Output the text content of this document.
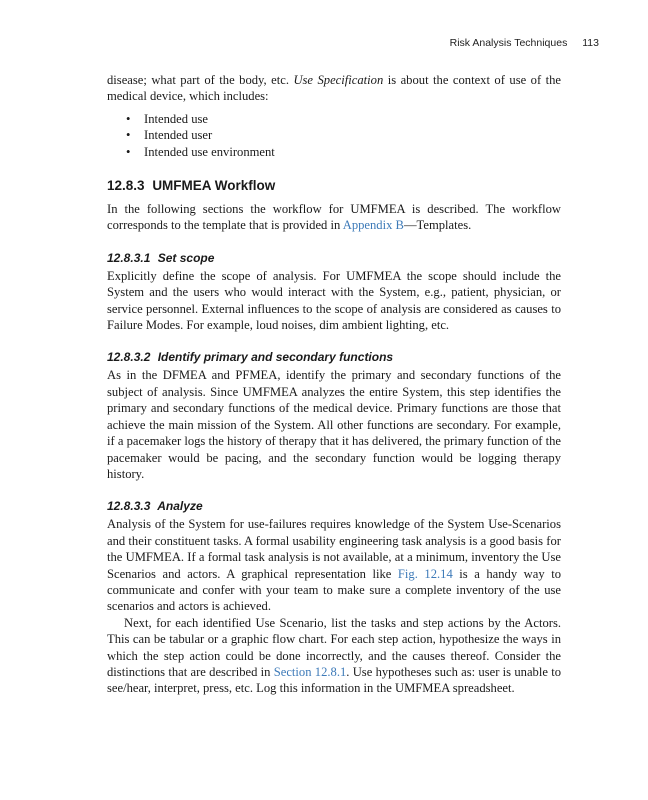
Risk Analysis Techniques 113

disease; what part of the body, etc. Use Specification is about the context of use of the medical device, which includes:

• Intended use
• Intended user
• Intended use environment
12.8.3 UMFMEA Workflow

In the following sections the workflow for UMFMEA is described. The workflow corresponds to the template that is provided in Appendix B—Templates.

12.8.3.1 Set scope

Explicitly define the scope of analysis. For UMFMEA the scope should include the System and the users who would interact with the System, e.g., patient, physician, or service personnel. External influences to the scope of analysis are considered as causes to Failure Modes. For example, loud noises, dim ambient lighting, etc.

12.8.3.2 Identify primary and secondary functions

As in the DFMEA and PFMEA, identify the primary and secondary functions of the subject of analysis. Since UMFMEA analyzes the entire System, this step identifies the primary and secondary functions of the medical device. Primary functions are those that achieve the main mission of the System. All other functions are secondary. For example, if a pacemaker logs the history of therapy that it has delivered, the primary function of the pacemaker would be pacing, and the secondary function would be logging therapy history.

12.8.3.3 Analyze

Analysis of the System for use-failures requires knowledge of the System Use-Scenarios and their constituent tasks. A formal usability engineering task analysis is a good basis for the UMFMEA. If a formal task analysis is not available, at a minimum, inventory the Use Scenarios and actors. A graphical representation like Fig. 12.14 is a handy way to communicate and confer with your team to make sure a complete inventory of the use scenarios and actors is achieved.

Next, for each identified Use Scenario, list the tasks and step actions by the Actors. This can be tabular or a graphic flow chart. For each step action, hypothesize the ways in which the step action could be done incorrectly, and the causes thereof. Consider the distinctions that are described in Section 12.8.1. Use hypotheses such as: user is unable to see/hear, interpret, press, etc. Log this information in the UMFMEA spreadsheet.
